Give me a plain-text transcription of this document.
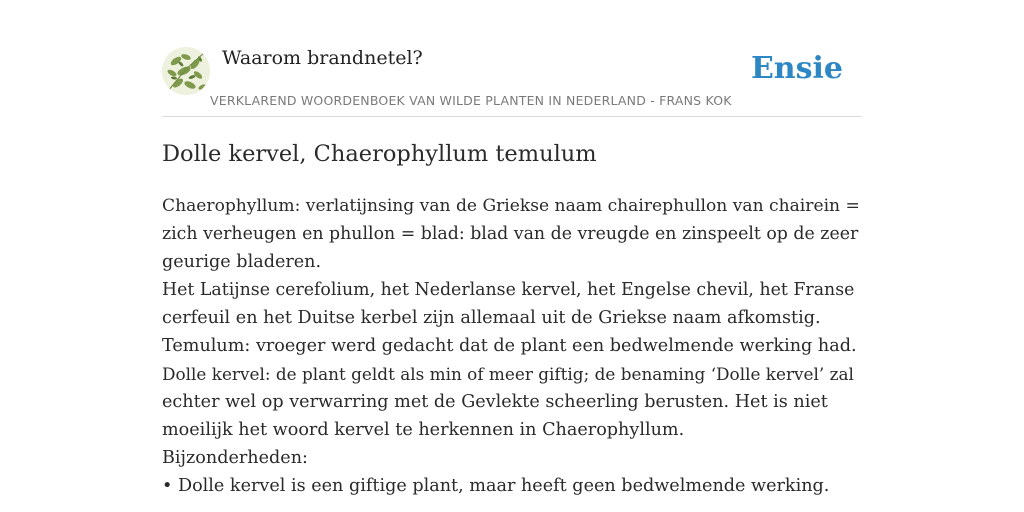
Waarom brandnetel?
VERKLAREND WOORDENBOEK VAN WILDE PLANTEN IN NEDERLAND - FRANS KOK
Ensie
Dolle kervel, Chaerophyllum temulum
Chaerophyllum: verlatijnsing van de Griekse naam chairephullon van chairein =
zich verheugen en phullon = blad: blad van de vreugde en zinspeelt op de zeer
geurige bladeren.
Het Latijnse cerefolium, het Nederlanse kervel, het Engelse chevil, het Franse
cerfeuil en het Duitse kerbel zijn allemaal uit de Griekse naam afkomstig.
Temulum: vroeger werd gedacht dat de plant een bedwelmende werking had.
Dolle kervel: de plant geldt als min of meer giftig; de benaming ‘Dolle kervel’ zal
echter wel op verwarring met de Gevlekte scheerling berusten. Het is niet
moeilijk het woord kervel te herkennen in Chaerophyllum.
Bijzonderheden:
• Dolle kervel is een giftige plant, maar heeft geen bedwelmende werking.
